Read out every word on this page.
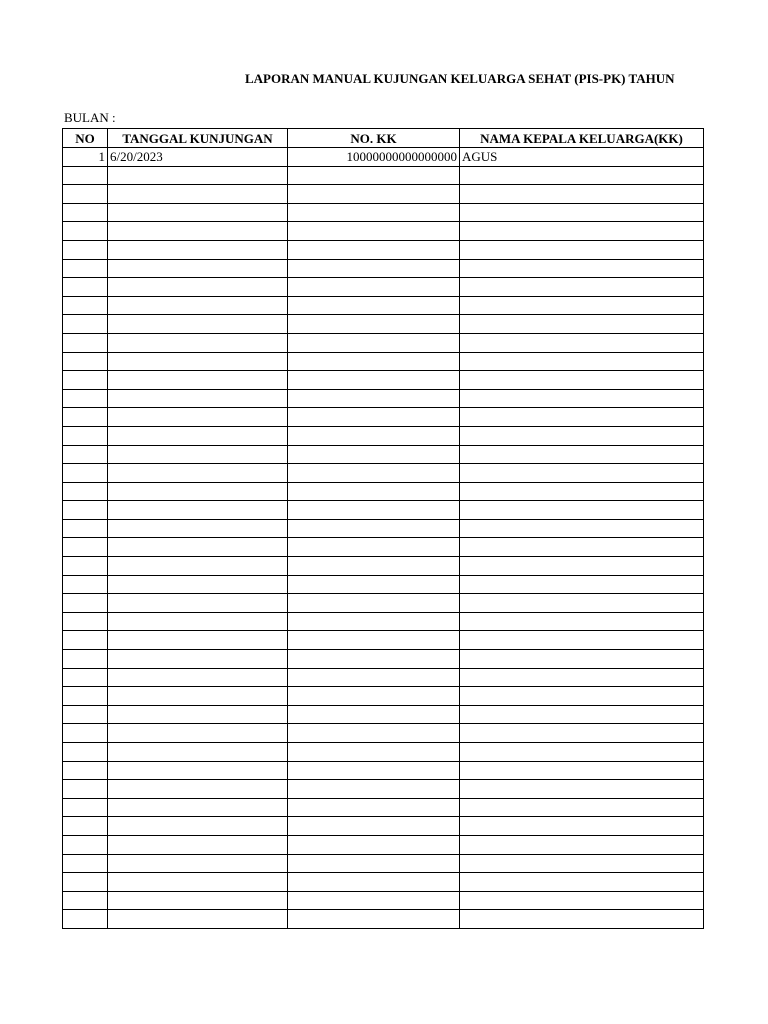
LAPORAN MANUAL KUJUNGAN KELUARGA SEHAT (PIS-PK) TAHUN
BULAN :
NO	TANGGAL KUNJUNGAN	NO. KK	NAMA KEPALA KELUARGA(KK)
1	6/20/2023	10000000000000000	AGUS
